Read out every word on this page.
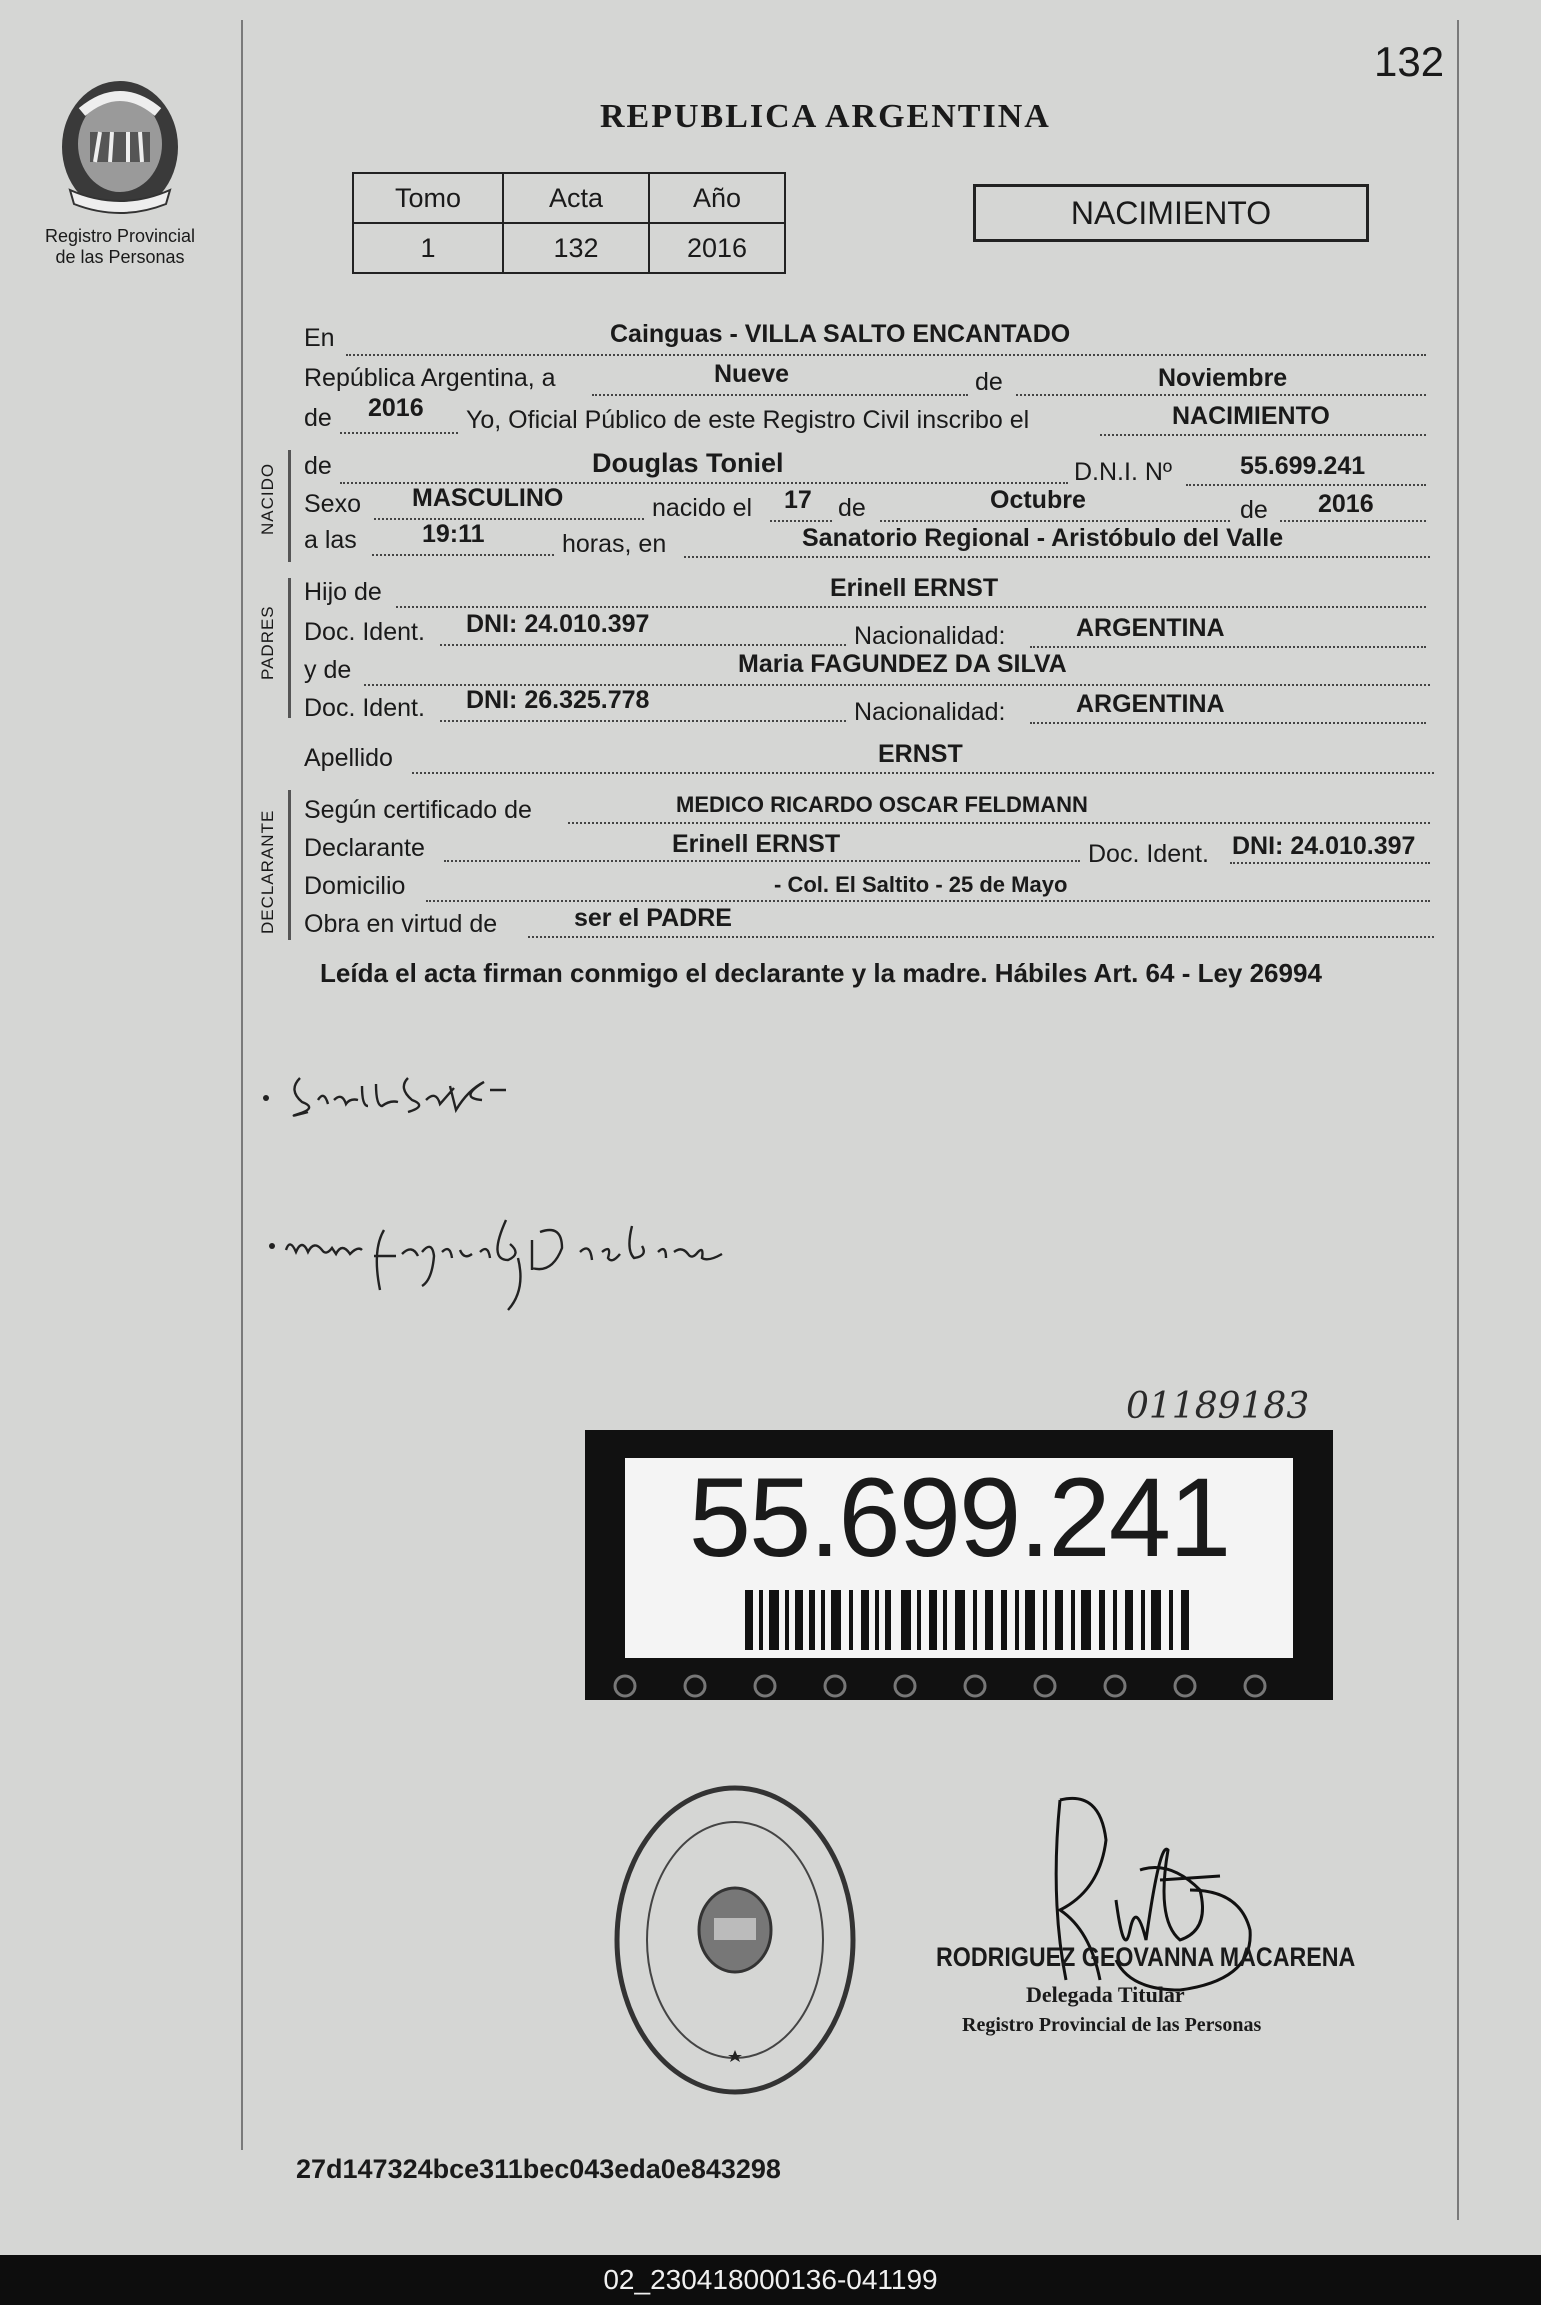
132
Registro Provincial
de las Personas
REPUBLICA ARGENTINA
Tomo	Acta	Año
1	132	2016
NACIMIENTO
En	Cainguas - VILLA SALTO ENCANTADO
República Argentina, a	Nueve	de	Noviembre
de 2016 Yo, Oficial Público de este Registro Civil inscribo el	NACIMIENTO
NACIDO de	Douglas Toniel	D.N.I. Nº	55.699.241
Sexo MASCULINO	nacido el 17 de	Octubre	de 2016
a las	19:11	horas, en	Sanatorio Regional - Aristóbulo del Valle
PADRES
Hijo de	Erinell ERNST
Doc. Ident. DNI: 24.010.397	Nacionalidad:	ARGENTINA
y de	Maria FAGUNDEZ DA SILVA
Doc. Ident. DNI: 26.325.778	Nacionalidad:	ARGENTINA
Apellido	ERNST
DECLARANTE Según certificado de	MEDICO RICARDO OSCAR FELDMANN
Declarante	Erinell ERNST	Doc. Ident. DNI: 24.010.397
Domicilio	- Col. El Saltito - 25 de Mayo
Obra en virtud de	ser el PADRE
Leída el acta firman conmigo el declarante y la madre. Hábiles Art. 64 - Ley 26994
01189183
55.699.241
RODRIGUEZ GEOVANNA MACARENA
Delegada Titular
Registro Provincial de las Personas
27d147324bce311bec043eda0e843298
02_230418000136-041199
